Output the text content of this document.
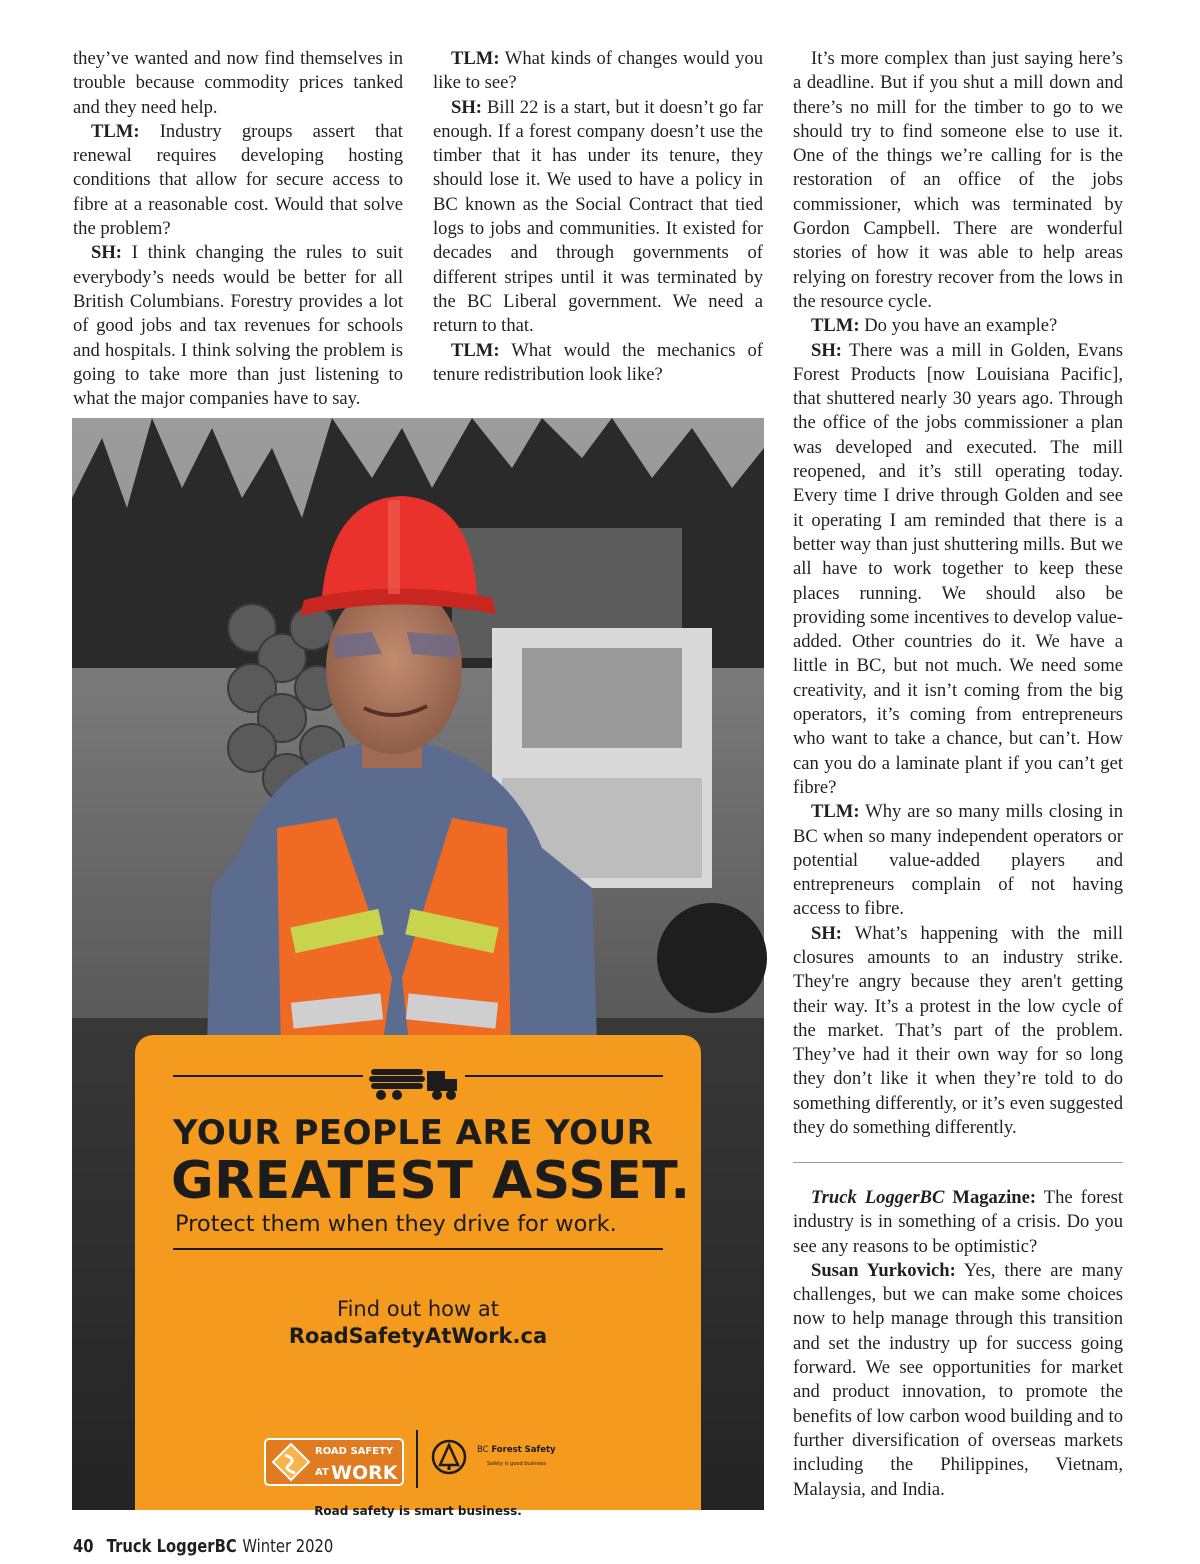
they’ve wanted and now find themselves in trouble because commodity prices tanked and they need help.

TLM: Industry groups assert that renewal requires developing hosting conditions that allow for secure access to fibre at a reasonable cost. Would that solve the problem?

SH: I think changing the rules to suit everybody’s needs would be better for all British Columbians. Forestry provides a lot of good jobs and tax revenues for schools and hospitals. I think solving the problem is going to take more than just listening to what the major companies have to say.

TLM: What kinds of changes would you like to see?

SH: Bill 22 is a start, but it doesn’t go far enough. If a forest company doesn’t use the timber that it has under its tenure, they should lose it. We used to have a policy in BC known as the Social Contract that tied logs to jobs and communities. It existed for decades and through governments of different stripes until it was terminated by the BC Liberal government. We need a return to that.

TLM: What would the mechanics of tenure redistribution look like?

It’s more complex than just saying here’s a deadline. But if you shut a mill down and there’s no mill for the timber to go to we should try to find someone else to use it. One of the things we’re calling for is the restoration of an office of the jobs commissioner, which was terminated by Gordon Campbell. There are wonderful stories of how it was able to help areas relying on forestry recover from the lows in the resource cycle.

TLM: Do you have an example?

SH: There was a mill in Golden, Evans Forest Products [now Louisiana Pacific], that shuttered nearly 30 years ago. Through the office of the jobs commissioner a plan was developed and executed. The mill reopened, and it’s still operating today. Every time I drive through Golden and see it operating I am reminded that there is a better way than just shuttering mills. But we all have to work together to keep these places running. We should also be providing some incentives to develop value-added. Other countries do it. We have a little in BC, but not much. We need some creativity, and it isn’t coming from the big operators, it’s coming from entrepreneurs who want to take a chance, but can’t. How can you do a laminate plant if you can’t get fibre?

TLM: Why are so many mills closing in BC when so many independent operators or potential value-added players and entrepreneurs complain of not having access to fibre.

SH: What’s happening with the mill closures amounts to an industry strike. They're angry because they aren't getting their way. It’s a protest in the low cycle of the market. That’s part of the problem. They’ve had it their own way for so long they don’t like it when they’re told to do something differently, or it’s even suggested they do something differently.

Truck LoggerBC Magazine: The forest industry is in something of a crisis. Do you see any reasons to be optimistic?

Susan Yurkovich: Yes, there are many challenges, but we can make some choices now to help manage through this transition and set the industry up for success going forward. We see opportunities for market and product innovation, to promote the benefits of low carbon wood building and to further diversification of overseas markets including the Philippines, Vietnam, Malaysia, and India.

YOUR PEOPLE ARE YOUR
GREATEST ASSET.
Protect them when they drive for work.
Find out how at
RoadSafetyAtWork.ca
ROAD SAFETY
AT WORK
BC Forest Safety
Safety is good business
Road safety is smart business.
40 Truck LoggerBC Winter 2020
